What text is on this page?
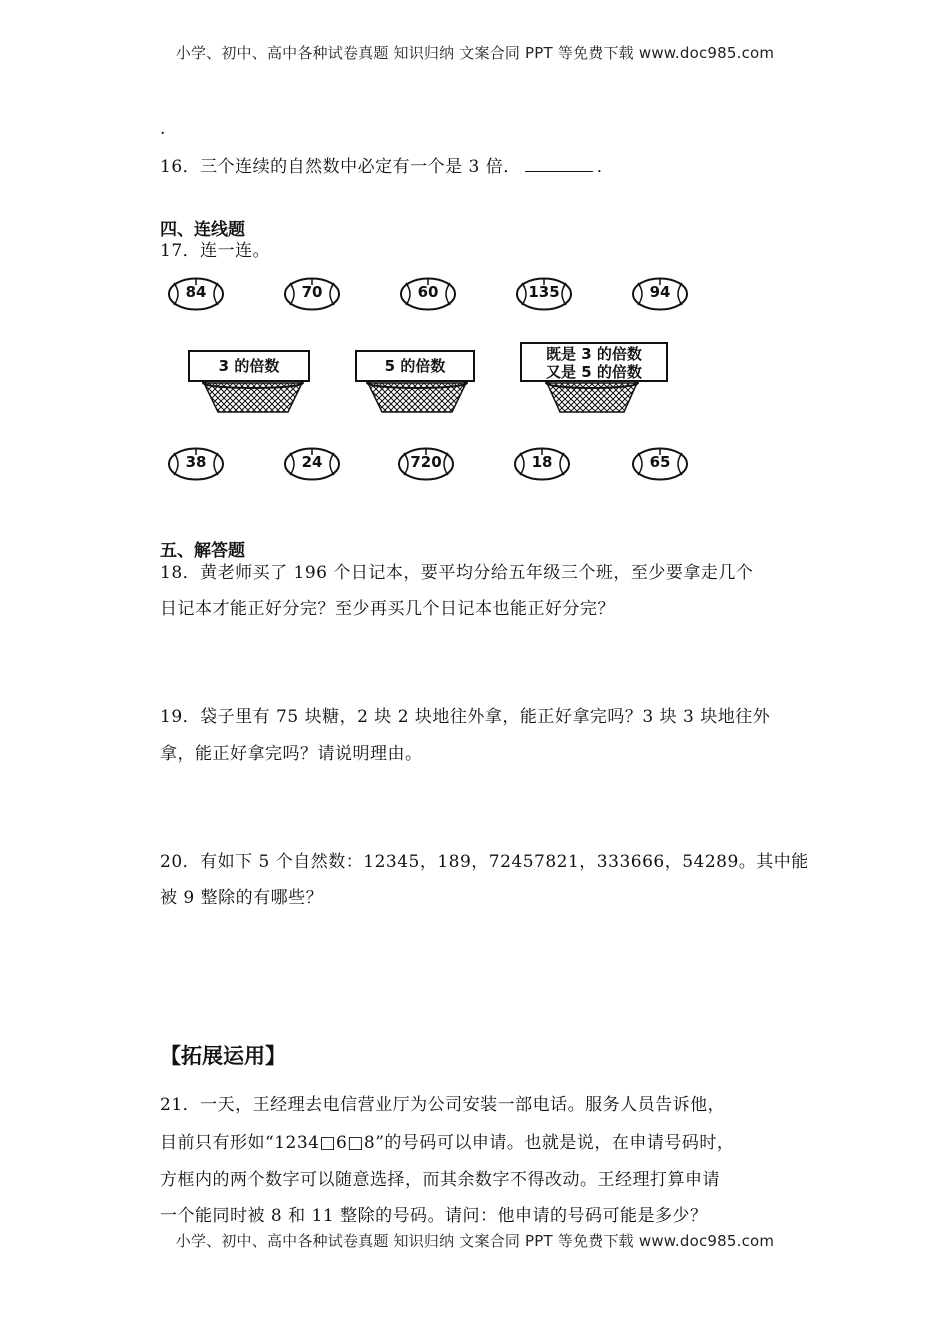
小学、初中、高中各种试卷真题 知识归纳 文案合同 PPT 等免费下载 www.doc985.com
.
16．三个连续的自然数中必定有一个是 3 倍．	．
四、连线题
17．连一连。
84	70	60	135	94
3 的倍数	5 的倍数
既是 3 的倍数
又是 5 的倍数
38	24	720	18	65
五、解答题
18．黄老师买了 196 个日记本，要平均分给五年级三个班，至少要拿走几个
日记本才能正好分完？至少再买几个日记本也能正好分完？
19．袋子里有 75 块糖，2 块 2 块地往外拿，能正好拿完吗？3 块 3 块地往外
拿，能正好拿完吗？请说明理由。
20．有如下 5 个自然数：12345，189，72457821，333666，54289。其中能
被 9 整除的有哪些？
【拓展运用】
21．一天，王经理去电信营业厅为公司安装一部电话。服务人员告诉他，
目前只有形如“1234□6□8”的号码可以申请。也就是说，在申请号码时，
方框内的两个数字可以随意选择，而其余数字不得改动。王经理打算申请
一个能同时被 8 和 11 整除的号码。请问：他申请的号码可能是多少？
小学、初中、高中各种试卷真题 知识归纳 文案合同 PPT 等免费下载 www.doc985.com
